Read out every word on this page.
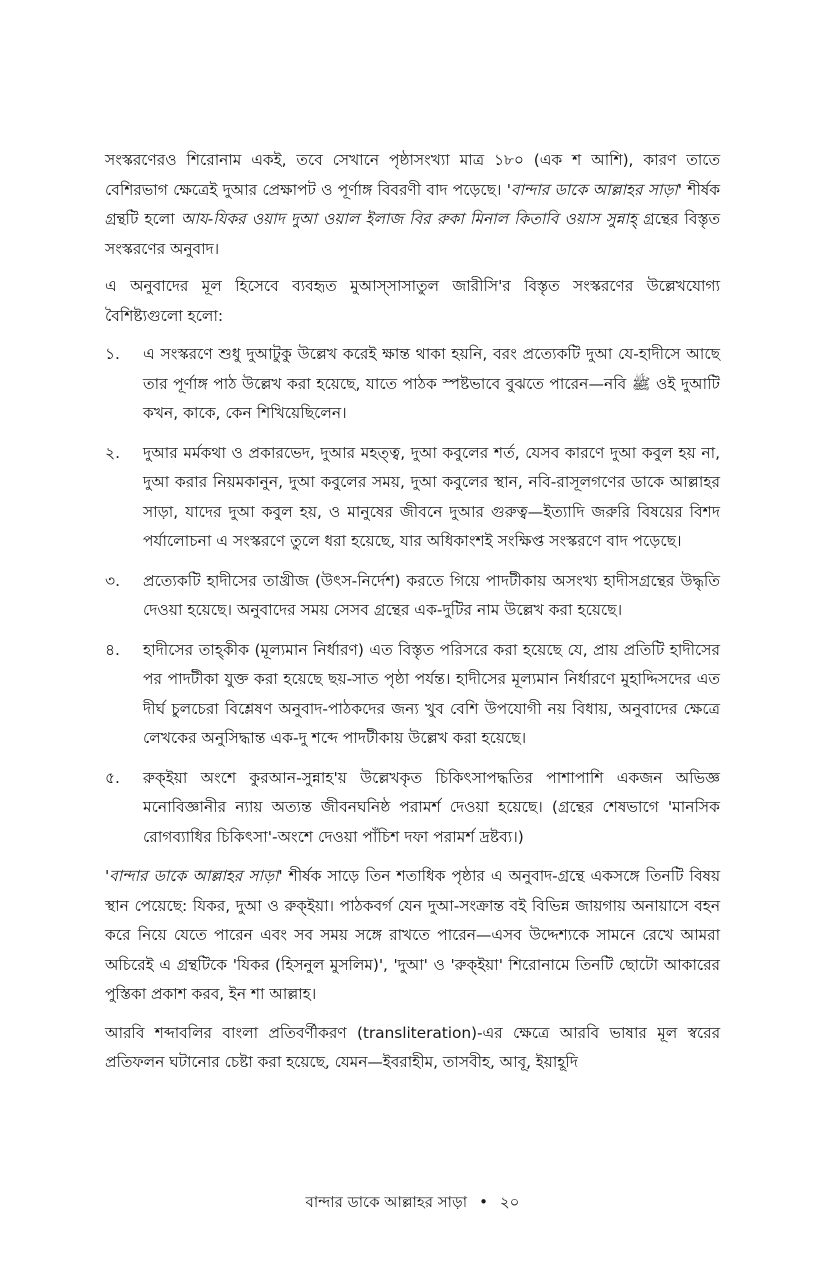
সংস্করণেরও শিরোনাম একই, তবে সেখানে পৃষ্ঠাসংখ্যা মাত্র ১৮০ (এক শ আশি), কারণ তাতে বেশিরভাগ ক্ষেত্রেই দুআর প্রেক্ষাপট ও পূর্ণাঙ্গ বিবরণী বাদ পড়েছে। 'বান্দার ডাকে আল্লাহর সাড়া' শীর্ষক গ্রন্থটি হলো আয-যিকর ওয়াদ দুআ ওয়াল ইলাজ বির রুকা মিনাল কিতাবি ওয়াস সুন্নাহ্ গ্রন্থের বিস্তৃত সংস্করণের অনুবাদ।

এ অনুবাদের মূল হিসেবে ব্যবহৃত মুআস্সাসাতুল জারীসি'র বিস্তৃত সংস্করণের উল্লেখযোগ্য বৈশিষ্ট্যগুলো হলো:

১. এ সংস্করণে শুধু দুআটুকু উল্লেখ করেই ক্ষান্ত থাকা হয়নি, বরং প্রত্যেকটি দুআ যে-হাদীসে আছে তার পূর্ণাঙ্গ পাঠ উল্লেখ করা হয়েছে, যাতে পাঠক স্পষ্টভাবে বুঝতে পারেন—নবি ﷺ ওই দুআটি কখন, কাকে, কেন শিখিয়েছিলেন।
২. দুআর মর্মকথা ও প্রকারভেদ, দুআর মহত্ত্ব, দুআ কবুলের শর্ত, যেসব কারণে দুআ কবুল হয় না, দুআ করার নিয়মকানুন, দুআ কবুলের সময়, দুআ কবুলের স্থান, নবি-রাসূলগণের ডাকে আল্লাহর সাড়া, যাদের দুআ কবুল হয়, ও মানুষের জীবনে দুআর গুরুত্ব—ইত্যাদি জরুরি বিষয়ের বিশদ পর্যালোচনা এ সংস্করণে তুলে ধরা হয়েছে, যার অধিকাংশই সংক্ষিপ্ত সংস্করণে বাদ পড়েছে।
৩. প্রত্যেকটি হাদীসের তাখ্রীজ (উৎস-নির্দেশ) করতে গিয়ে পাদটীকায় অসংখ্য হাদীসগ্রন্থের উদ্ধৃতি দেওয়া হয়েছে। অনুবাদের সময় সেসব গ্রন্থের এক-দুটির নাম উল্লেখ করা হয়েছে।
৪. হাদীসের তাহ্কীক (মূল্যমান নির্ধারণ) এত বিস্তৃত পরিসরে করা হয়েছে যে, প্রায় প্রতিটি হাদীসের পর পাদটীকা যুক্ত করা হয়েছে ছয়-সাত পৃষ্ঠা পর্যন্ত। হাদীসের মূল্যমান নির্ধারণে মুহাদ্দিসদের এত দীর্ঘ চুলচেরা বিশ্লেষণ অনুবাদ-পাঠকদের জন্য খুব বেশি উপযোগী নয় বিধায়, অনুবাদের ক্ষেত্রে লেখকের অনুসিদ্ধান্ত এক-দু শব্দে পাদটীকায় উল্লেখ করা হয়েছে।
৫. রুক্ইয়া অংশে কুরআন-সুন্নাহ'য় উল্লেখকৃত চিকিৎসাপদ্ধতির পাশাপাশি একজন অভিজ্ঞ মনোবিজ্ঞানীর ন্যায় অত্যন্ত জীবনঘনিষ্ঠ পরামর্শ দেওয়া হয়েছে। (গ্রন্থের শেষভাগে 'মানসিক রোগব্যাধির চিকিৎসা'-অংশে দেওয়া পাঁচিশ দফা পরামর্শ দ্রষ্টব্য।)

'বান্দার ডাকে আল্লাহর সাড়া' শীর্ষক সাড়ে তিন শতাধিক পৃষ্ঠার এ অনুবাদ-গ্রন্থে একসঙ্গে তিনটি বিষয় স্থান পেয়েছে: যিকর, দুআ ও রুক্ইয়া। পাঠকবর্গ যেন দুআ-সংক্রান্ত বই বিভিন্ন জায়গায় অনায়াসে বহন করে নিয়ে যেতে পারেন এবং সব সময় সঙ্গে রাখতে পারেন—এসব উদ্দেশ্যকে সামনে রেখে আমরা অচিরেই এ গ্রন্থটিকে 'যিকর (হিসনুল মুসলিম)', 'দুআ' ও 'রুক্ইয়া' শিরোনামে তিনটি ছোটো আকারের পুস্তিকা প্রকাশ করব, ইন শা আল্লাহ।

আরবি শব্দাবলির বাংলা প্রতিবর্ণীকরণ (transliteration)-এর ক্ষেত্রে আরবি ভাষার মূল স্বরের প্রতিফলন ঘটানোর চেষ্টা করা হয়েছে, যেমন—ইবরাহীম, তাসবীহ, আবূ, ইয়াহূদি

বান্দার ডাকে আল্লাহর সাড়া • ২০
